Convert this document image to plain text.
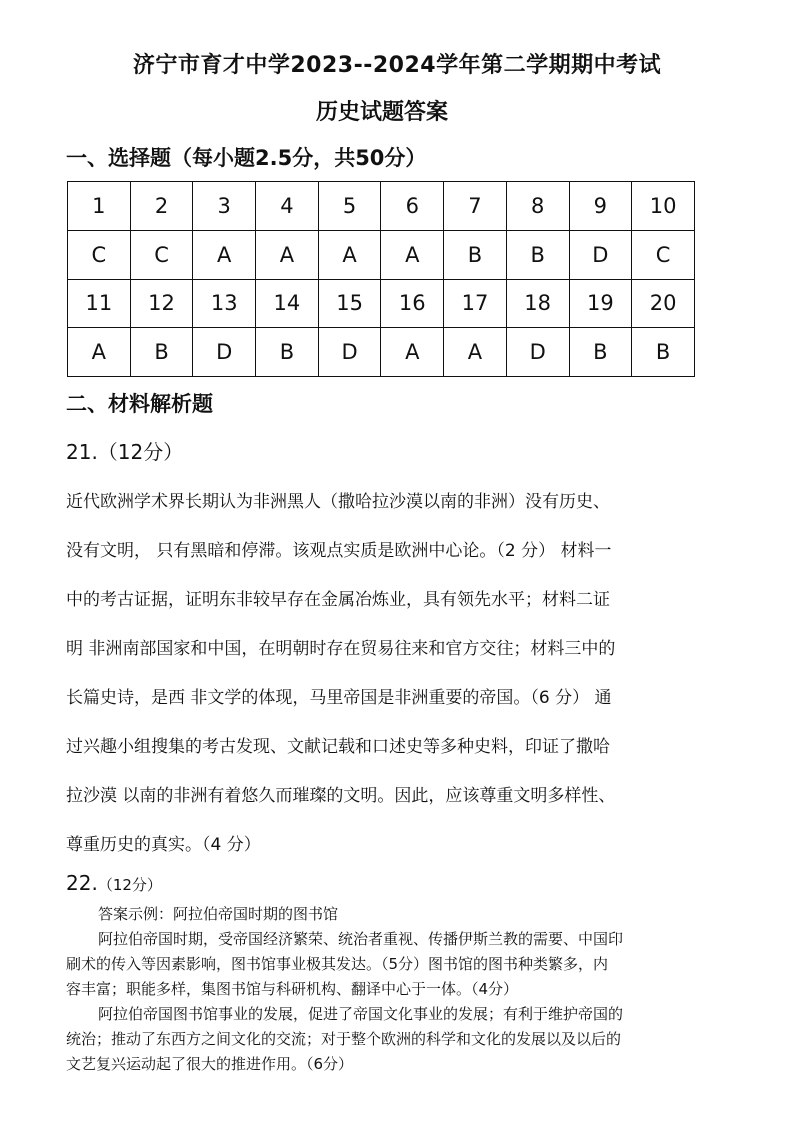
济宁市育才中学2023--2024学年第二学期期中考试
历史试题答案
一、选择题（每小题2.5分，共50分）
1	2	3	4	5	6	7	8	9	10
C	C	A	A	A	A	B	B	D	C
11	12	13	14	15	16	17	18	19	20
A	B	D	B	D	A	A	D	B	B
二、材料解析题
21.（12分）
近代欧洲学术界长期认为非洲黑人（撒哈拉沙漠以南的非洲）没有历史、
没有文明， 只有黑暗和停滞。该观点实质是欧洲中心论。（2 分） 材料一
中的考古证据，证明东非较早存在金属冶炼业，具有领先水平；材料二证
明 非洲南部国家和中国，在明朝时存在贸易往来和官方交往；材料三中的
长篇史诗，是西 非文学的体现，马里帝国是非洲重要的帝国。（6 分） 通
过兴趣小组搜集的考古发现、文献记载和口述史等多种史料，印证了撒哈
拉沙漠 以南的非洲有着悠久而璀璨的文明。因此，应该尊重文明多样性、
尊重历史的真实。（4 分）
22.（12分）
答案示例：阿拉伯帝国时期的图书馆
阿拉伯帝国时期，受帝国经济繁荣、统治者重视、传播伊斯兰教的需要、中国印
刷术的传入等因素影响，图书馆事业极其发达。（5分）图书馆的图书种类繁多，内
容丰富；职能多样，集图书馆与科研机构、翻译中心于一体。（4分）
阿拉伯帝国图书馆事业的发展，促进了帝国文化事业的发展；有利于维护帝国的
统治；推动了东西方之间文化的交流；对于整个欧洲的科学和文化的发展以及以后的
文艺复兴运动起了很大的推进作用。（6分）
